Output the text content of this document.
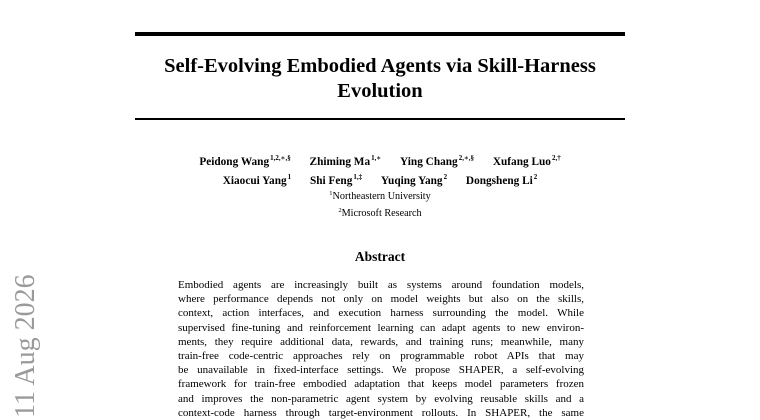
Self-Evolving Embodied Agents via Skill-Harness
Evolution
Peidong Wang$^{1,2,∗,\S}$ Zhiming $Ma^{1,∗}$ Ying Chang$^{2,∗,\S}$ Xufang Luo$^{2,\dagger}$
Xiaocui Yang$^1$ Shi Feng$^{1,\ddagger}$ Yuqing Yang$^2$ Dongsheng Li$^2$
$^1$Northeastern University
$^2$Microsoft Research
Abstract
Embodied agents are increasingly built as systems around foundation models,
where performance depends not only on model weights but also on the skills,
context, action interfaces, and execution harness surrounding the model. While
supervised fine-tuning and reinforcement learning can adapt agents to new environ-
ments, they require additional data, rewards, and training runs; meanwhile, many
train-free code-centric approaches rely on programmable robot APIs that may
be unavailable in fixed-interface settings. We propose SHAPER, a self-evolving
framework for train-free embodied adaptation that keeps model parameters frozen
and improves the non-parametric agent system by evolving reusable skills and a
context-code harness through target-environment rollouts. In SHAPER, the same
11 Aug 2026
